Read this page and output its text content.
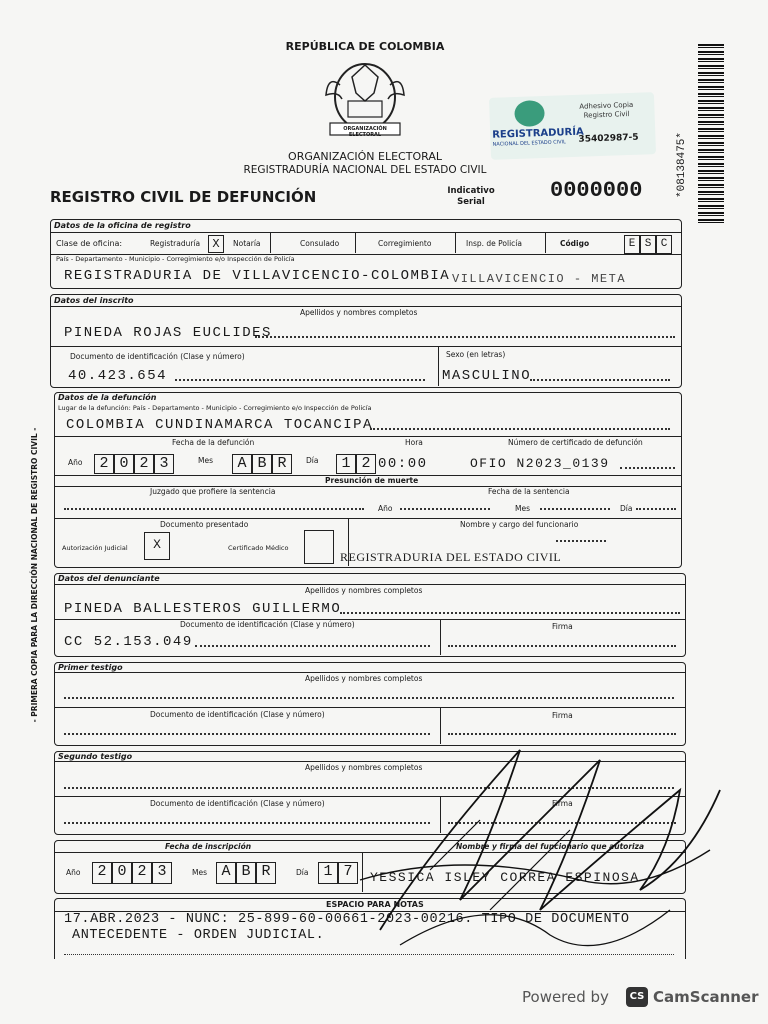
REPÚBLICA DE COLOMBIA
ORGANIZACIÓN ELECTORAL
ORGANIZACIÓN ELECTORAL
REGISTRADURÍA NACIONAL DEL ESTADO CIVIL
REGISTRO CIVIL DE DEFUNCIÓN	Indicativo
Serial	0000000
REGISTRADURÍA
NACIONAL DEL ESTADO CIVIL
Adhesivo Copia
Registro Civil
35402987-5	*08138475*
- PRIMERA COPIA PARA LA DIRECCIÓN NACIONAL DE REGISTRO CIVIL -
Datos de la oficina de registro
Clase de oficina:	Registraduría	X	Notaría	Consulado	Corregimiento	Insp. de Policía	Código	E S C
País - Departamento - Municipio - Corregimiento e/o Inspección de Policía
REGISTRADURIA DE VILLAVICENCIO-COLOMBIA VILLAVICENCIO - META
Datos del inscrito
Apellidos y nombres completos
PINEDA ROJAS EUCLIDES
Documento de identificación (Clase y número)	Sexo (en letras)
40.423.654	MASCULINO
Datos de la defunción
Lugar de la defunción: País - Departamento - Municipio - Corregimiento e/o Inspección de Policía
COLOMBIA CUNDINAMARCA TOCANCIPA
Fecha de la defunción	Hora	Número de certificado de defunción
Año	2 0 2 3	Mes	A B R	Día	1 2 00:00	OFIO N2023_0139
Presunción de muerte
Juzgado que profiere la sentencia	Fecha de la sentencia
Año	Mes	Día
Documento presentado	Nombre y cargo del funcionario
Autorización Judicial	X	Certificado Médico
REGISTRADURIA DEL ESTADO CIVIL
Datos del denunciante
Apellidos y nombres completos
PINEDA BALLESTEROS GUILLERMO
Documento de identificación (Clase y número)	Firma
CC 52.153.049
Primer testigo
Apellidos y nombres completos
Documento de identificación (Clase y número)	Firma
Segundo testigo
Apellidos y nombres completos
Documento de identificación (Clase y número)	Firma
Fecha de inscripción	Nombre y firma del funcionario que autoriza
Año	2 0 2 3	Mes A B R	Día	1 7	YESSICA ISLEY CORREA ESPINOSA
ESPACIO PARA NOTAS
17.ABR.2023 - NUNC: 25-899-60-00661-2023-00216. TIPO DE DOCUMENTO
ANTECEDENTE - ORDEN JUDICIAL.
Powered by	CS CamScanner
